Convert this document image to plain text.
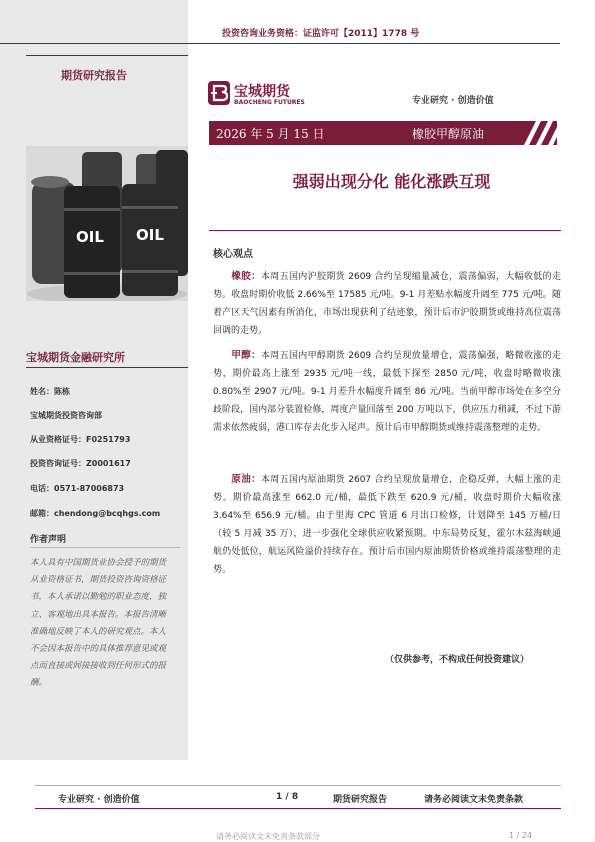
期货研究报告
OIL OIL
宝城期货金融研究所
姓名：陈栋
宝城期货投资咨询部
从业资格证号：F0251793
投资咨询证号：Z0001617
电话：0571-87006873
邮箱：chendong@bcqhgs.com
作者声明
本人具有中国期货业协会授予的期货从业资格证书，期货投资咨询资格证书，本人承诺以勤勉的职业态度，独立、客观地出具本报告。本报告清晰准确地反映了本人的研究观点。本人不会因本报告中的具体推荐意见或观点而直接或间接接收到任何形式的报酬。
投资咨询业务资格：证监许可【2011】1778 号
宝城期货
BAOCHENG FUTURES	专业研究 · 创造价值
2026 年 5 月 15 日	橡胶甲醇原油
强弱出现分化 能化涨跌互现
核心观点
橡胶：本周五国内沪胶期货 2609 合约呈现缩量减仓，震荡偏弱，大幅收低的走势。收盘时期价收低 2.66%至 17585 元/吨。9-1 月差贴水幅度升阔至 775 元/吨。随着产区天气因素有所消化，市场出现获利了结迹象，预计后市沪胶期货或维持高位震荡回调的走势。
甲醇：本周五国内甲醇期货 2609 合约呈现放量增仓，震荡偏强，略微收涨的走势，期价最高上涨至 2935 元/吨一线，最低下探至 2850 元/吨，收盘时略微收涨 0.80%至 2907 元/吨。9-1 月差升水幅度升阔至 86 元/吨。当前甲醇市场处在多空分歧阶段，国内部分装置检修，周度产量回落至 200 万吨以下，供应压力稍减，不过下游需求依然疲弱，港口库存去化步入尾声。预计后市甲醇期货或维持震荡整理的走势。
原油：本周五国内原油期货 2607 合约呈现放量增仓，企稳反弹，大幅上涨的走势。期价最高涨至 662.0 元/桶，最低下跌至 620.9 元/桶，收盘时期价大幅收涨 3.64%至 656.9 元/桶。由于里海 CPC 管道 6 月出口检修，计划降至 145 万桶/日（较 5 月减 35 万），进一步强化全球供应收紧预期。中东局势反复，霍尔木兹海峡通航仍处低位，航运风险溢价持续存在。预计后市国内原油期货价格或维持震荡整理的走势。
（仅供参考，不构成任何投资建议）
专业研究 · 创造价值	1 / 8	期货研究报告	请务必阅读文末免责条款
请务必阅读文末免责条款部分	1 / 24
